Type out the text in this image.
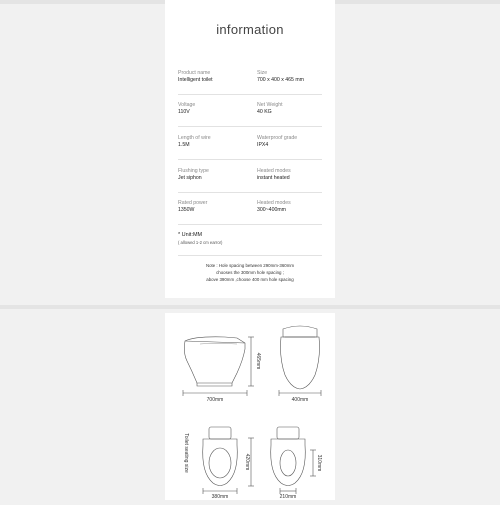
information
Product name
Intelligent toilet
Size
700 x 400 x 465 mm
Voltage
110V
Net Weight
40 KG
Length of wire
1.5M
Waterproof grade
IPX4
Flushing type
Jet siphon
Heated modes
instant heated
Rated power
1350W
Heated modes
300~400mm
* Unit:MM
( allowed 1-2 cm earror)
Note : Hole spacing between 290mm-360mm
chooses the 300mm hole spacing ;
above 390mm ,choose 400 mm hole spacing
700mm
465mm
400mm
Toilet seating size	420mm
380mm
310mm
210mm
